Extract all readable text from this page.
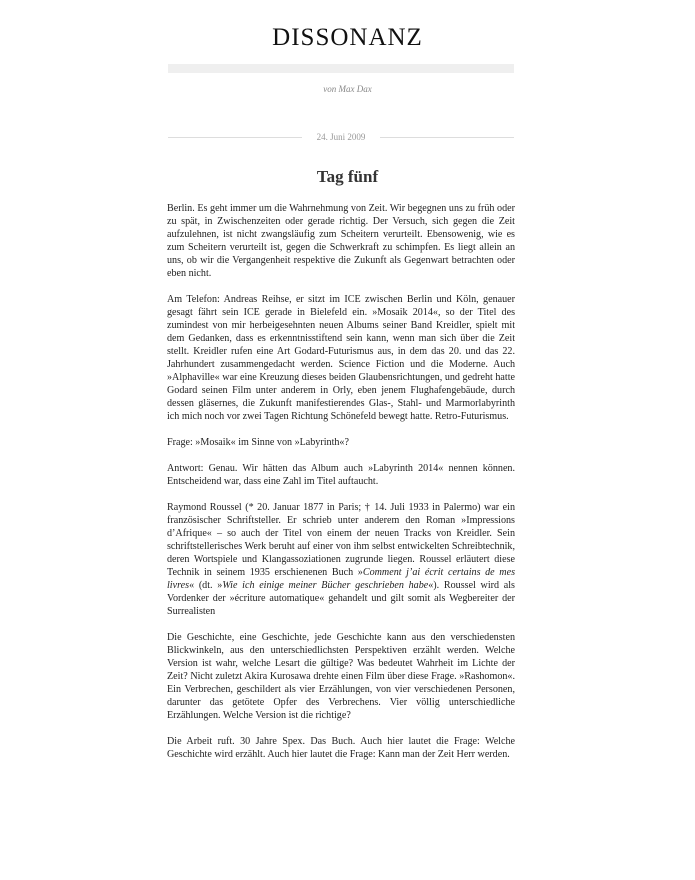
DISSONANZ
von Max Dax
24. Juni 2009
Tag fünf

Berlin. Es geht immer um die Wahrnehmung von Zeit. Wir begegnen uns zu früh oder zu spät, in Zwischenzeiten oder gerade richtig. Der Versuch, sich gegen die Zeit aufzulehnen, ist nicht zwangsläufig zum Scheitern verurteilt. Ebensowenig, wie es zum Scheitern verurteilt ist, gegen die Schwerkraft zu schimpfen. Es liegt allein an uns, ob wir die Vergangenheit respektive die Zukunft als Gegenwart betrachten oder eben nicht.

Am Telefon: Andreas Reihse, er sitzt im ICE zwischen Berlin und Köln, genauer gesagt fährt sein ICE gerade in Bielefeld ein. »Mosaik 2014«, so der Titel des zumindest von mir herbeigesehnten neuen Albums seiner Band Kreidler, spielt mit dem Gedanken, dass es erkenntnisstiftend sein kann, wenn man sich über die Zeit stellt. Kreidler rufen eine Art Godard-Futurismus aus, in dem das 20. und das 22. Jahrhundert zusammengedacht werden. Science Fiction und die Moderne. Auch »Alphaville« war eine Kreuzung dieses beiden Glaubensrichtungen, und gedreht hatte Godard seinen Film unter anderem in Orly, eben jenem Flughafengebäude, durch dessen gläsernes, die Zukunft manifestierendes Glas-, Stahl- und Marmorlabyrinth ich mich noch vor zwei Tagen Richtung Schönefeld bewegt hatte. Retro-Futurismus.

Frage: »Mosaik« im Sinne von »Labyrinth«?

Antwort: Genau. Wir hätten das Album auch »Labyrinth 2014« nennen können. Entscheidend war, dass eine Zahl im Titel auftaucht.

Raymond Roussel (* 20. Januar 1877 in Paris; † 14. Juli 1933 in Palermo) war ein französischer Schriftsteller. Er schrieb unter anderem den Roman »Impressions d’Afrique« – so auch der Titel von einem der neuen Tracks von Kreidler. Sein schriftstellerisches Werk beruht auf einer von ihm selbst entwickelten Schreibtechnik, deren Wortspiele und Klangassoziationen zugrunde liegen. Roussel erläutert diese Technik in seinem 1935 erschienenen Buch »Comment j’ai écrit certains de mes livres« (dt. »Wie ich einige meiner Bücher geschrieben habe«). Roussel wird als Vordenker der »écriture automatique« gehandelt und gilt somit als Wegbereiter der Surrealisten

Die Geschichte, eine Geschichte, jede Geschichte kann aus den verschiedensten Blickwinkeln, aus den unterschiedlichsten Perspektiven erzählt werden. Welche Version ist wahr, welche Lesart die gültige? Was bedeutet Wahrheit im Lichte der Zeit? Nicht zuletzt Akira Kurosawa drehte einen Film über diese Frage. »Rashomon«. Ein Verbrechen, geschildert als vier Erzählungen, von vier verschiedenen Personen, darunter das getötete Opfer des Verbrechens. Vier völlig unterschiedliche Erzählungen. Welche Version ist die richtige?

Die Arbeit ruft. 30 Jahre Spex. Das Buch. Auch hier lautet die Frage: Welche Geschichte wird erzählt. Auch hier lautet die Frage: Kann man der Zeit Herr werden.
